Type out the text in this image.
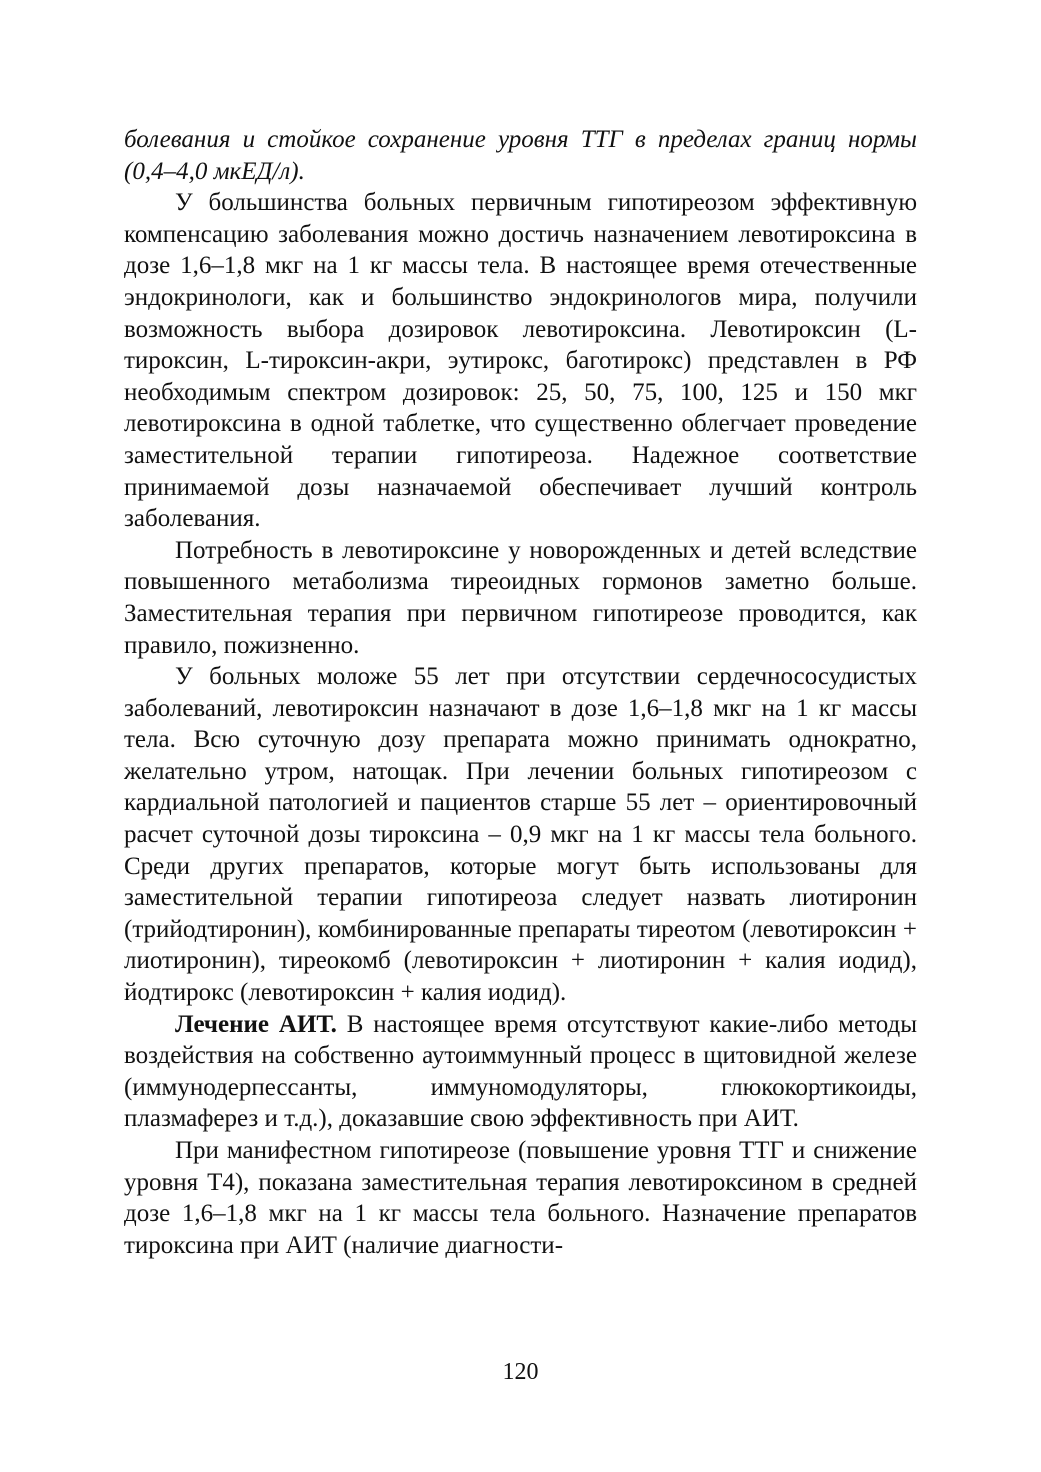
болевания и стойкое сохранение уровня ТТГ в пределах границ нормы (0,4–4,0 мкЕД/л).

У большинства больных первичным гипотиреозом эффективную компенсацию заболевания можно достичь назначением левотироксина в дозе 1,6–1,8 мкг на 1 кг массы тела. В настоящее время отечественные эндокринологи, как и большинство эндокринологов мира, получили возможность выбора дозировок левотироксина. Левотироксин (L-тироксин, L-тироксин-акри, эутирокс, баготирокс) представлен в РФ необходимым спектром дозировок: 25, 50, 75, 100, 125 и 150 мкг левотироксина в одной таблетке, что существенно облегчает проведение заместительной терапии гипотиреоза. Надежное соответствие принимаемой дозы назначаемой обеспечивает лучший контроль заболевания.

Потребность в левотироксине у новорожденных и детей вследствие повышенного метаболизма тиреоидных гормонов заметно больше. Заместительная терапия при первичном гипотиреозе проводится, как правило, пожизненно.

У больных моложе 55 лет при отсутствии сердечнососудистых заболеваний, левотироксин назначают в дозе 1,6–1,8 мкг на 1 кг массы тела. Всю суточную дозу препарата можно принимать однократно, желательно утром, натощак. При лечении больных гипотиреозом с кардиальной патологией и пациентов старше 55 лет – ориентировочный расчет суточной дозы тироксина – 0,9 мкг на 1 кг массы тела больного. Среди других препаратов, которые могут быть использованы для заместительной терапии гипотиреоза следует назвать лиотиронин (трийодтиронин), комбинированные препараты тиреотом (левотироксин + лиотиронин), тиреокомб (левотироксин + лиотиронин + калия иодид), йодтирокс (левотироксин + калия иодид).

Лечение АИТ. В настоящее время отсутствуют какие-либо методы воздействия на собственно аутоиммунный процесс в щитовидной железе (иммунодерпессанты, иммуномодуляторы, глюкокортикоиды, плазмаферез и т.д.), доказавшие свою эффективность при АИТ.

При манифестном гипотиреозе (повышение уровня ТТГ и снижение уровня Т4), показана заместительная терапия левотироксином в средней дозе 1,6–1,8 мкг на 1 кг массы тела больного. Назначение препаратов тироксина при АИТ (наличие диагности-

120
